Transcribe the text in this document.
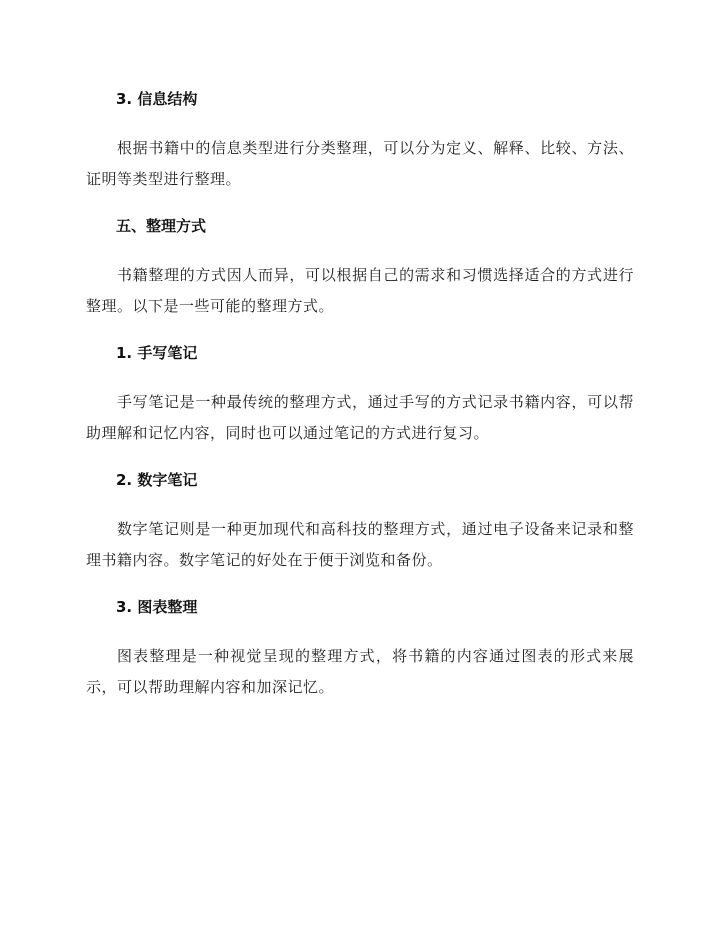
3. 信息结构

根据书籍中的信息类型进行分类整理，可以分为定义、解释、比较、方法、证明等类型进行整理。

五、整理方式

书籍整理的方式因人而异，可以根据自己的需求和习惯选择适合的方式进行整理。以下是一些可能的整理方式。

1. 手写笔记

手写笔记是一种最传统的整理方式，通过手写的方式记录书籍内容，可以帮助理解和记忆内容，同时也可以通过笔记的方式进行复习。

2. 数字笔记

数字笔记则是一种更加现代和高科技的整理方式，通过电子设备来记录和整理书籍内容。数字笔记的好处在于便于浏览和备份。

3. 图表整理

图表整理是一种视觉呈现的整理方式，将书籍的内容通过图表的形式来展示，可以帮助理解内容和加深记忆。
